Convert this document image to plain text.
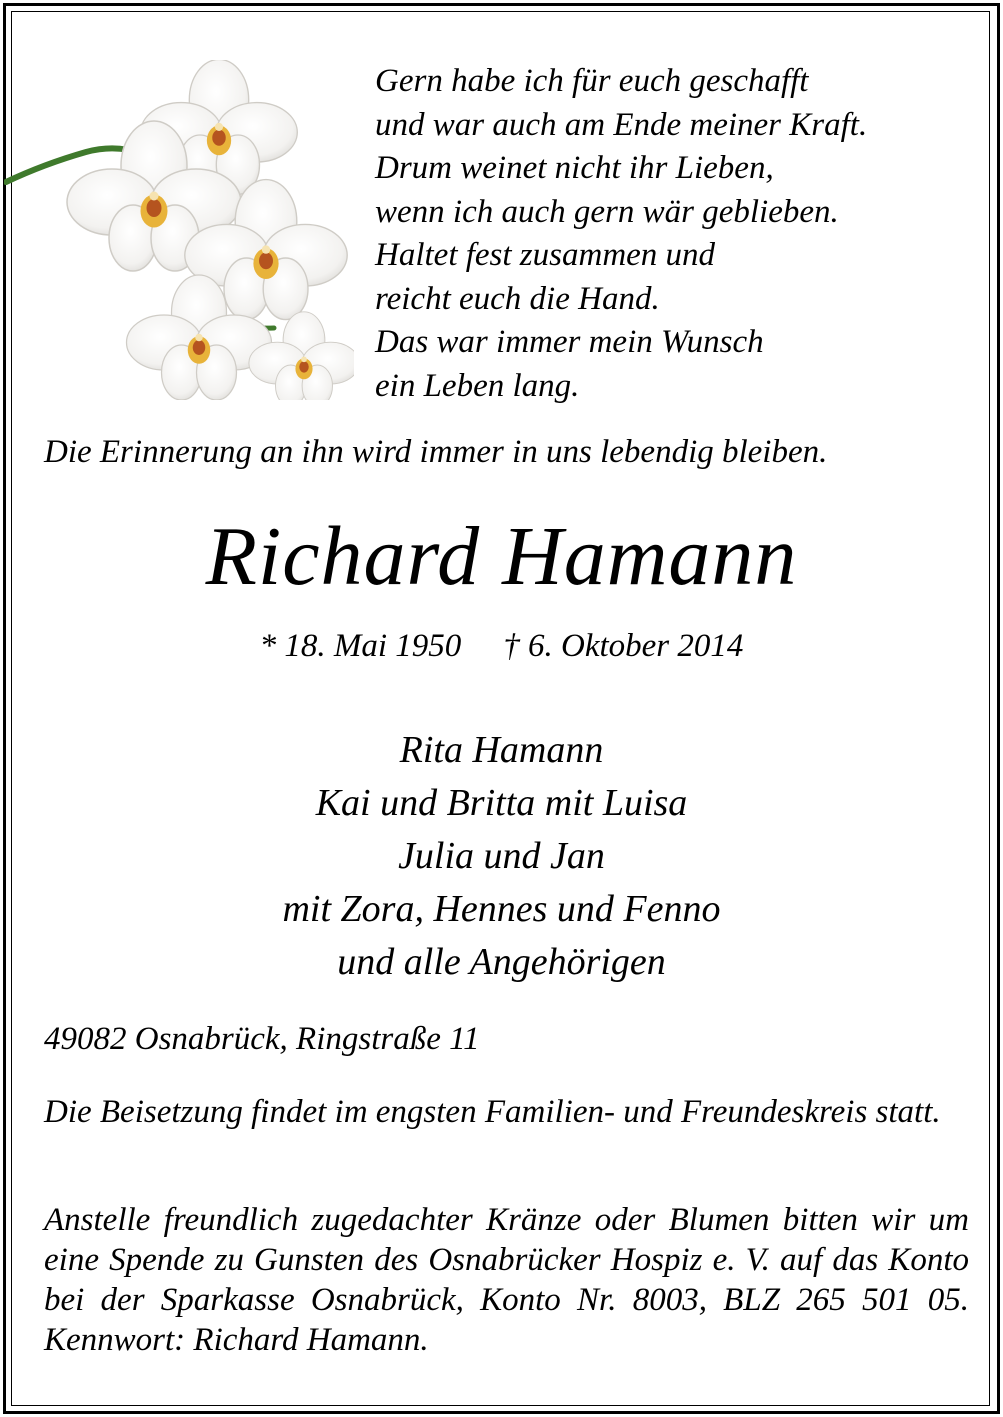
Gern habe ich für euch geschafft
und war auch am Ende meiner Kraft.
Drum weinet nicht ihr Lieben,
wenn ich auch gern wär geblieben.
Haltet fest zusammen und
reicht euch die Hand.
Das war immer mein Wunsch
ein Leben lang.
Die Erinnerung an ihn wird immer in uns lebendig bleiben.
Richard Hamann
* 18. Mai 1950 † 6. Oktober 2014
Rita Hamann
Kai und Britta mit Luisa
Julia und Jan
mit Zora, Hennes und Fenno
und alle Angehörigen
49082 Osnabrück, Ringstraße 11
Die Beisetzung findet im engsten Familien- und Freundeskreis statt.
Anstelle freundlich zugedachter Kränze oder Blumen bitten wir um eine Spende zu Gunsten des Osnabrücker Hospiz e. V. auf das Konto bei der Sparkasse Osnabrück, Konto Nr. 8003, BLZ 265 501 05. Kennwort: Richard Hamann.
